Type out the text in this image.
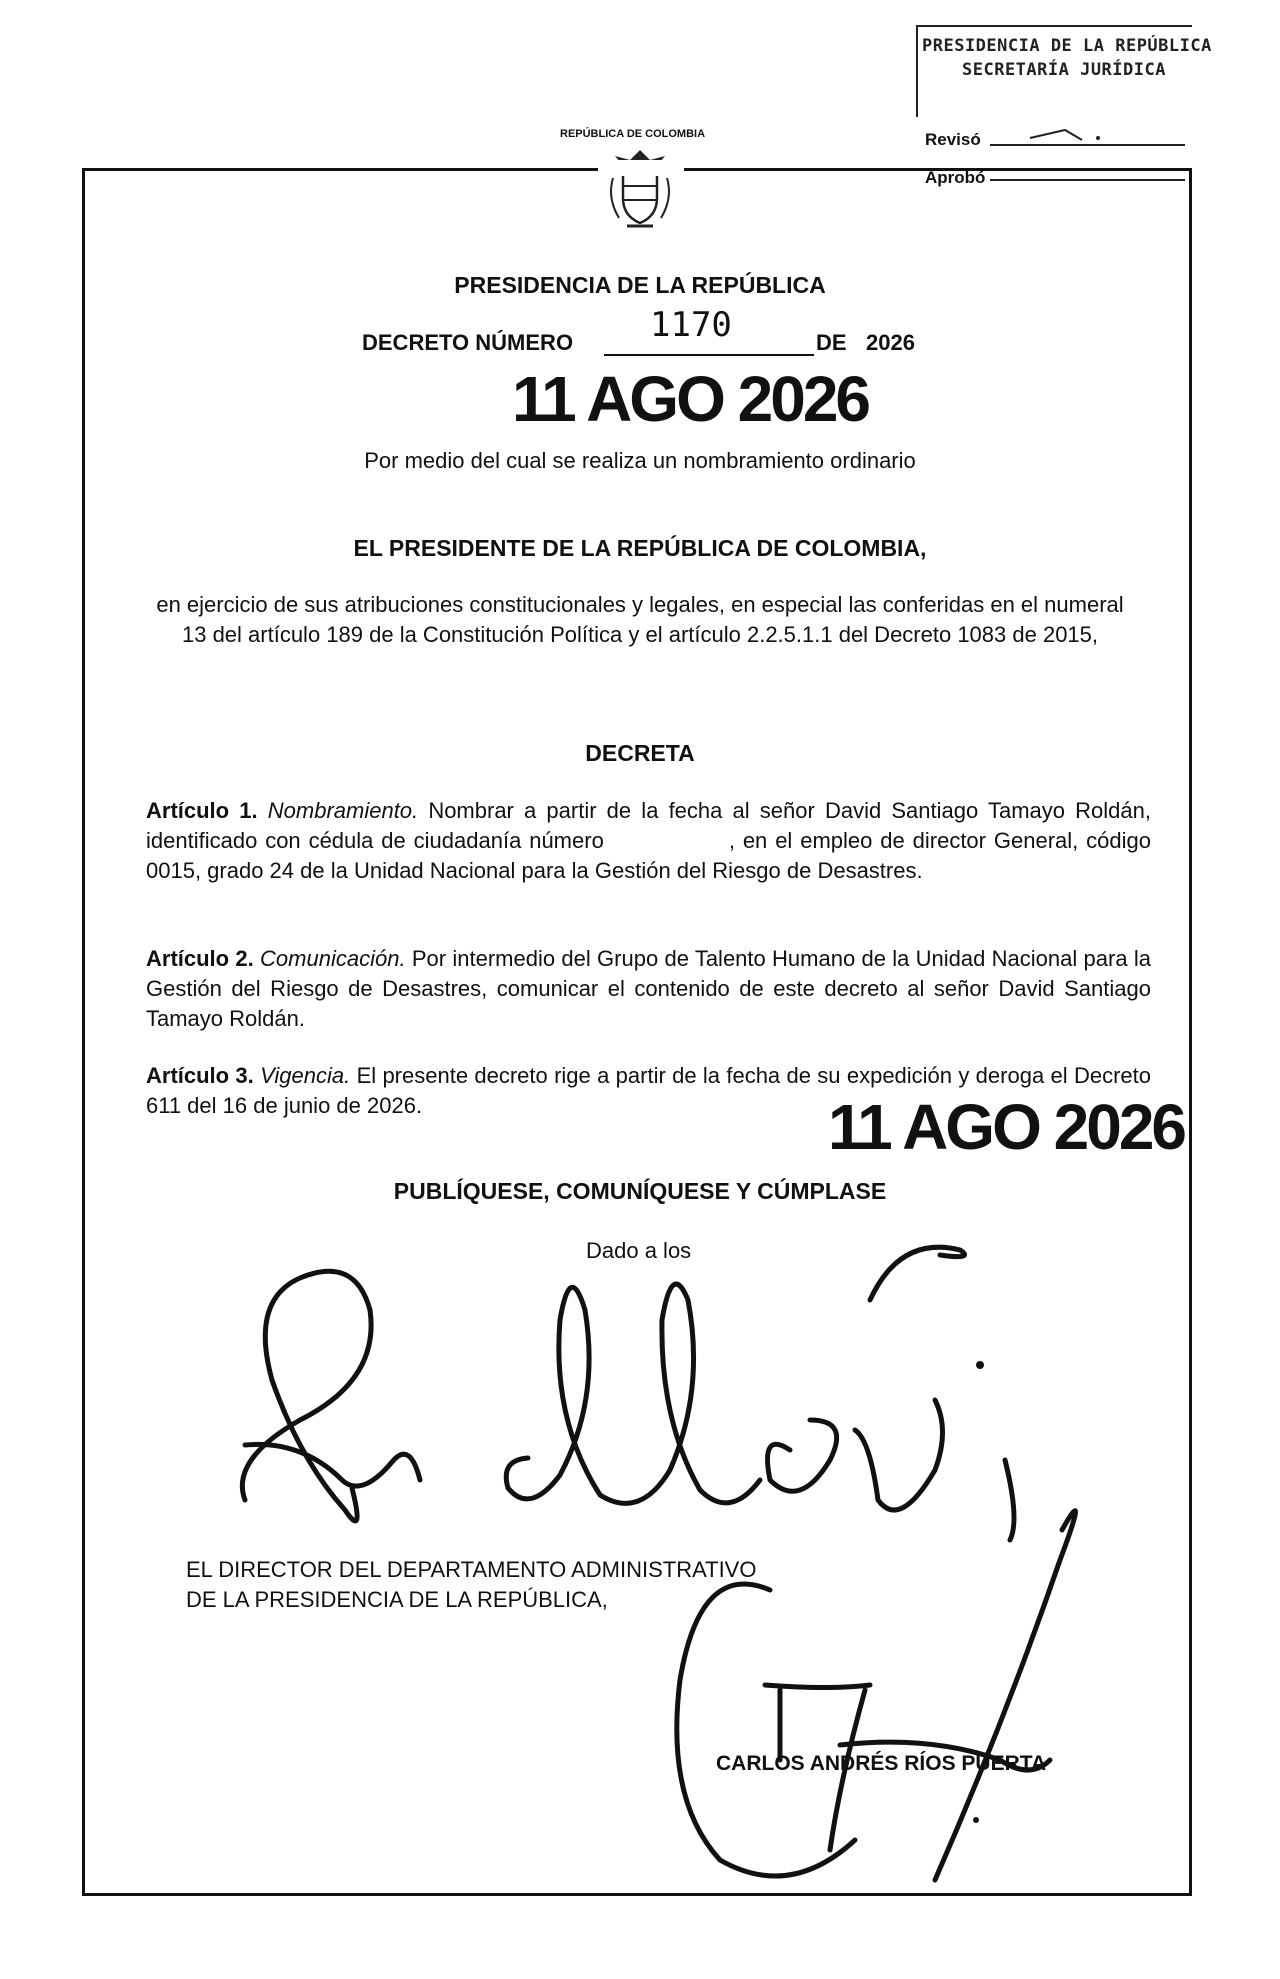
PRESIDENCIA DE LA REPÚBLICA
SECRETARÍA JURÍDICA
Revisó
Aprobó
REPÚBLICA DE COLOMBIA
PRESIDENCIA DE LA REPÚBLICA
DECRETO NÚMERO 1170	DE 2026
11 AGO 2026
Por medio del cual se realiza un nombramiento ordinario
EL PRESIDENTE DE LA REPÚBLICA DE COLOMBIA,
en ejercicio de sus atribuciones constitucionales y legales, en especial las conferidas en el numeral 13 del artículo 189 de la Constitución Política y el artículo 2.2.5.1.1 del Decreto 1083 de 2015,
DECRETA

Artículo 1. Nombramiento. Nombrar a partir de la fecha al señor David Santiago Tamayo Roldán, identificado con cédula de ciudadanía número	, en el empleo de director General, código 0015, grado 24 de la Unidad Nacional para la Gestión del Riesgo de Desastres.

Artículo 2. Comunicación. Por intermedio del Grupo de Talento Humano de la Unidad Nacional para la Gestión del Riesgo de Desastres, comunicar el contenido de este decreto al señor David Santiago Tamayo Roldán.

Artículo 3. Vigencia. El presente decreto rige a partir de la fecha de su expedición y deroga el Decreto 611 del 16 de junio de 2026.	11 AGO 2026
PUBLÍQUESE, COMUNÍQUESE Y CÚMPLASE
Dado a los
EL DIRECTOR DEL DEPARTAMENTO ADMINISTRATIVO
DE LA PRESIDENCIA DE LA REPÚBLICA,
CARLOS ANDRÉS RÍOS PUERTA
